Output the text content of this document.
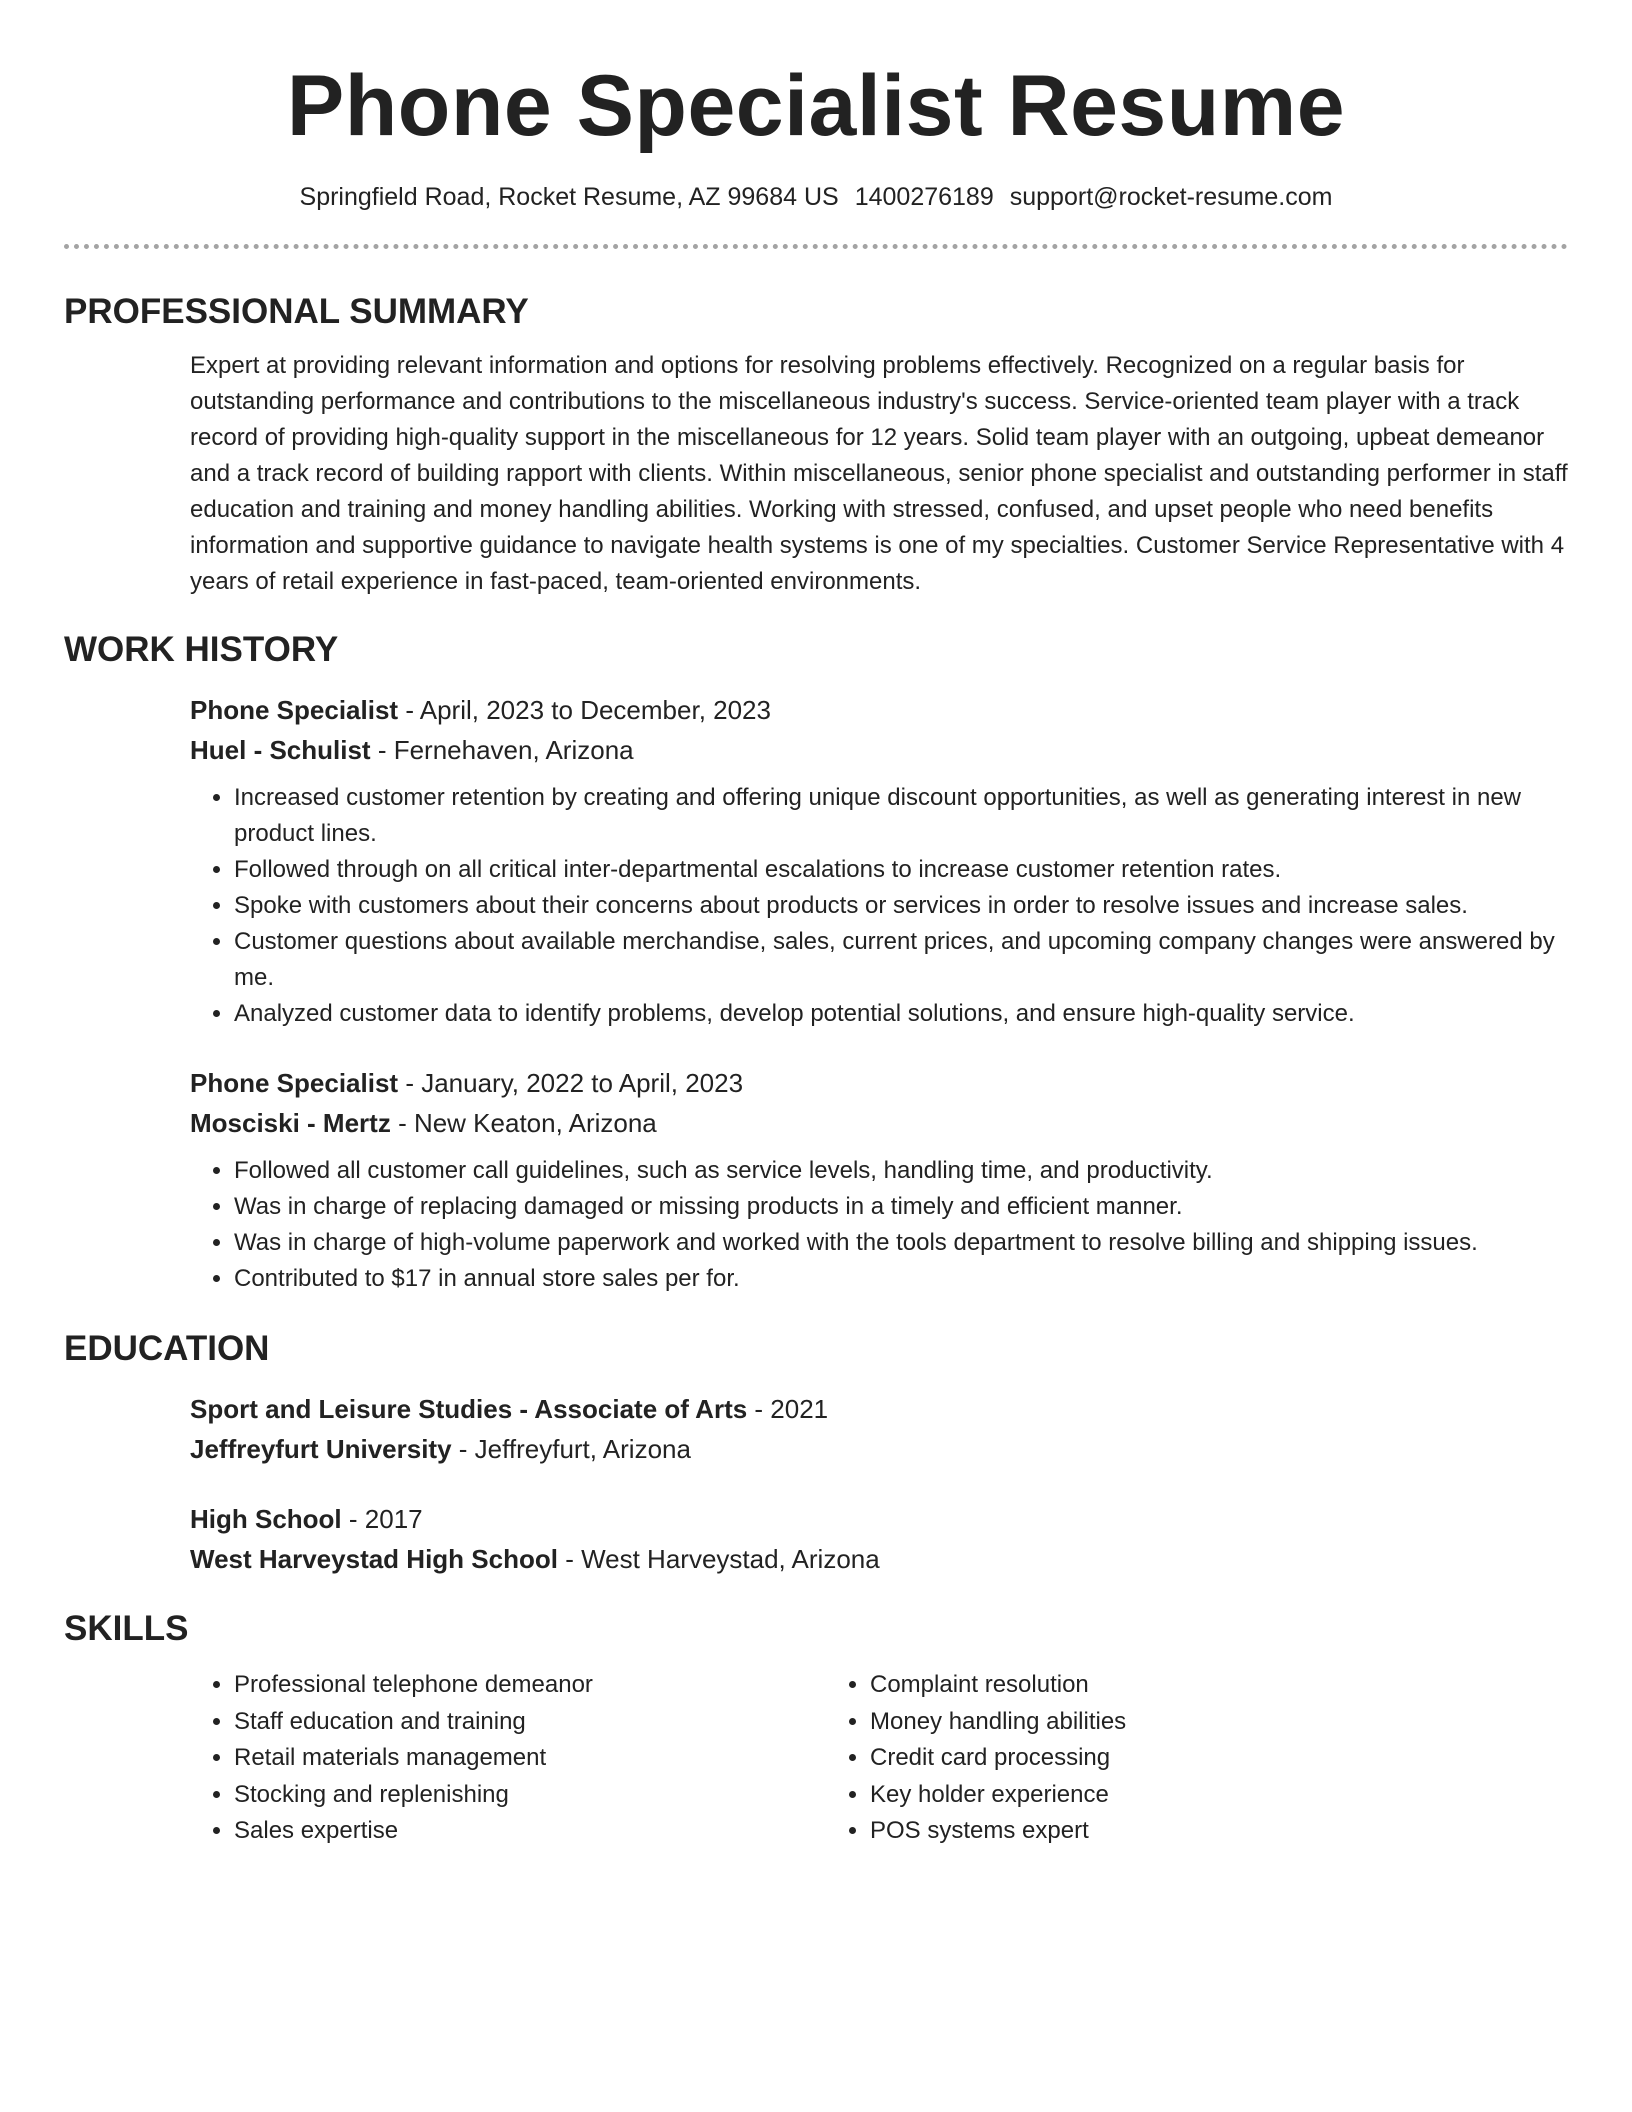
Phone Specialist Resume
Springfield Road, Rocket Resume, AZ 99684 US 1400276189 support@rocket-resume.com
PROFESSIONAL SUMMARY

Expert at providing relevant information and options for resolving problems effectively. Recognized on a regular basis for outstanding performance and contributions to the miscellaneous industry's success. Service-oriented team player with a track record of providing high-quality support in the miscellaneous for 12 years. Solid team player with an outgoing, upbeat demeanor and a track record of building rapport with clients. Within miscellaneous, senior phone specialist and outstanding performer in staff education and training and money handling abilities. Working with stressed, confused, and upset people who need benefits information and supportive guidance to navigate health systems is one of my specialties. Customer Service Representative with 4 years of retail experience in fast-paced, team-oriented environments.

WORK HISTORY
Phone Specialist - April, 2023 to December, 2023
Huel - Schulist - Fernehaven, Arizona
• Increased customer retention by creating and offering unique discount opportunities, as well as generating interest in new product lines.
• Followed through on all critical inter-departmental escalations to increase customer retention rates.
• Spoke with customers about their concerns about products or services in order to resolve issues and increase sales.
• Customer questions about available merchandise, sales, current prices, and upcoming company changes were answered by me.
• Analyzed customer data to identify problems, develop potential solutions, and ensure high-quality service.
Phone Specialist - January, 2022 to April, 2023
Mosciski - Mertz - New Keaton, Arizona
• Followed all customer call guidelines, such as service levels, handling time, and productivity.
• Was in charge of replacing damaged or missing products in a timely and efficient manner.
• Was in charge of high-volume paperwork and worked with the tools department to resolve billing and shipping issues.
• Contributed to $17 in annual store sales per for.
EDUCATION
Sport and Leisure Studies - Associate of Arts - 2021
Jeffreyfurt University - Jeffreyfurt, Arizona
High School - 2017
West Harveystad High School - West Harveystad, Arizona
SKILLS
• Professional telephone demeanor
• Staff education and training
• Retail materials management
• Stocking and replenishing
• Sales expertise
• Complaint resolution
• Money handling abilities
• Credit card processing
• Key holder experience
• POS systems expert
